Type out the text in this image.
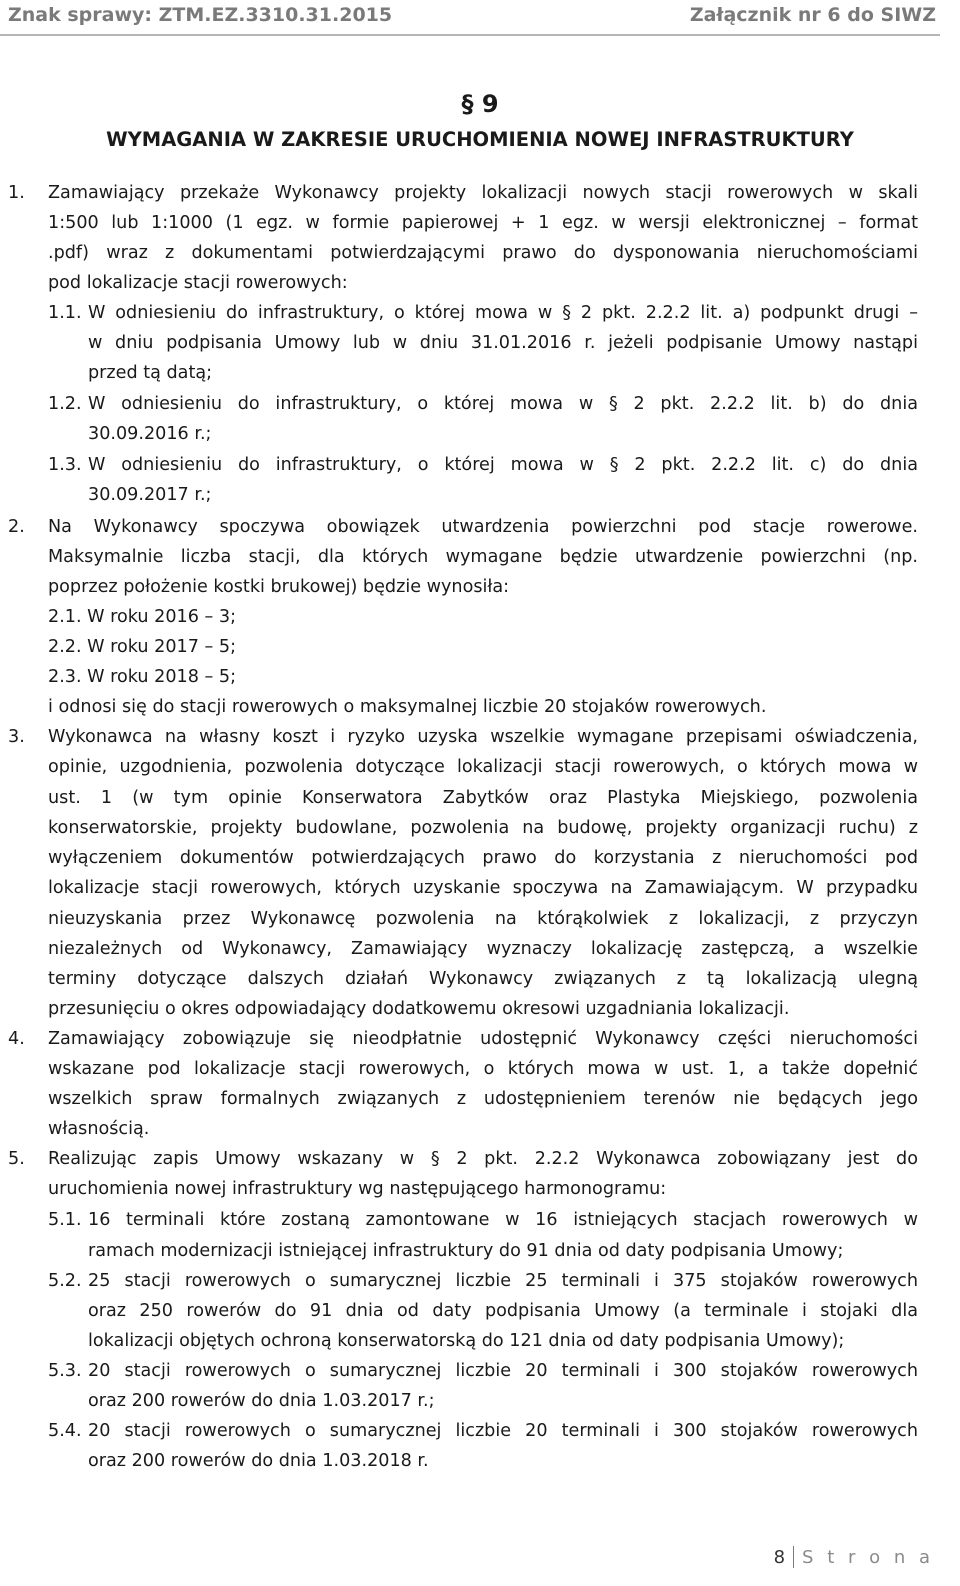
Znak sprawy: ZTM.EZ.3310.31.2015	Załącznik nr 6 do SIWZ
§ 9
WYMAGANIA W ZAKRESIE URUCHOMIENIA NOWEJ INFRASTRUKTURY
Zamawiający przekaże Wykonawcy projekty lokalizacji nowych stacji rowerowych w skali
1:500 lub 1:1000 (1 egz. w formie papierowej + 1 egz. w wersji elektronicznej – format
.pdf) wraz z dokumentami potwierdzającymi prawo do dysponowania nieruchomościami
pod lokalizacje stacji rowerowych:
W odniesieniu do infrastruktury, o której mowa w § 2 pkt. 2.2.2 lit. a) podpunkt drugi –
w dniu podpisania Umowy lub w dniu 31.01.2016 r. jeżeli podpisanie Umowy nastąpi
przed tą datą;
W odniesieniu do infrastruktury, o której mowa w § 2 pkt. 2.2.2 lit. b) do dnia
30.09.2016 r.;
W odniesieniu do infrastruktury, o której mowa w § 2 pkt. 2.2.2 lit. c) do dnia
30.09.2017 r.;
Na Wykonawcy spoczywa obowiązek utwardzenia powierzchni pod stacje rowerowe.
Maksymalnie liczba stacji, dla których wymagane będzie utwardzenie powierzchni (np.
poprzez położenie kostki brukowej) będzie wynosiła:
2.1. W roku 2016 – 3;
2.2. W roku 2017 – 5;
2.3. W roku 2018 – 5;
i odnosi się do stacji rowerowych o maksymalnej liczbie 20 stojaków rowerowych.
Wykonawca na własny koszt i ryzyko uzyska wszelkie wymagane przepisami oświadczenia,
opinie, uzgodnienia, pozwolenia dotyczące lokalizacji stacji rowerowych, o których mowa w
ust. 1 (w tym opinie Konserwatora Zabytków oraz Plastyka Miejskiego, pozwolenia
konserwatorskie, projekty budowlane, pozwolenia na budowę, projekty organizacji ruchu) z
wyłączeniem dokumentów potwierdzających prawo do korzystania z nieruchomości pod
lokalizacje stacji rowerowych, których uzyskanie spoczywa na Zamawiającym. W przypadku
nieuzyskania przez Wykonawcę pozwolenia na którąkolwiek z lokalizacji, z przyczyn
niezależnych od Wykonawcy, Zamawiający wyznaczy lokalizację zastępczą, a wszelkie
terminy dotyczące dalszych działań Wykonawcy związanych z tą lokalizacją ulegną
przesunięciu o okres odpowiadający dodatkowemu okresowi uzgadniania lokalizacji.
Zamawiający zobowiązuje się nieodpłatnie udostępnić Wykonawcy części nieruchomości
wskazane pod lokalizacje stacji rowerowych, o których mowa w ust. 1, a także dopełnić
wszelkich spraw formalnych związanych z udostępnieniem terenów nie będących jego
własnością.
Realizując zapis Umowy wskazany w § 2 pkt. 2.2.2 Wykonawca zobowiązany jest do
uruchomienia nowej infrastruktury wg następującego harmonogramu:
16 terminali które zostaną zamontowane w 16 istniejących stacjach rowerowych w
ramach modernizacji istniejącej infrastruktury do 91 dnia od daty podpisania Umowy;
25 stacji rowerowych o sumarycznej liczbie 25 terminali i 375 stojaków rowerowych
oraz 250 rowerów do 91 dnia od daty podpisania Umowy (a terminale i stojaki dla
lokalizacji objętych ochroną konserwatorską do 121 dnia od daty podpisania Umowy);
20 stacji rowerowych o sumarycznej liczbie 20 terminali i 300 stojaków rowerowych
oraz 200 rowerów do dnia 1.03.2017 r.;
20 stacji rowerowych o sumarycznej liczbie 20 terminali i 300 stojaków rowerowych
oraz 200 rowerów do dnia 1.03.2018 r.
1.
1.1.
1.2.
1.3.
2.
3.
4.
5.
5.1.
5.2.
5.3.
5.4.
8 S t r o n a
